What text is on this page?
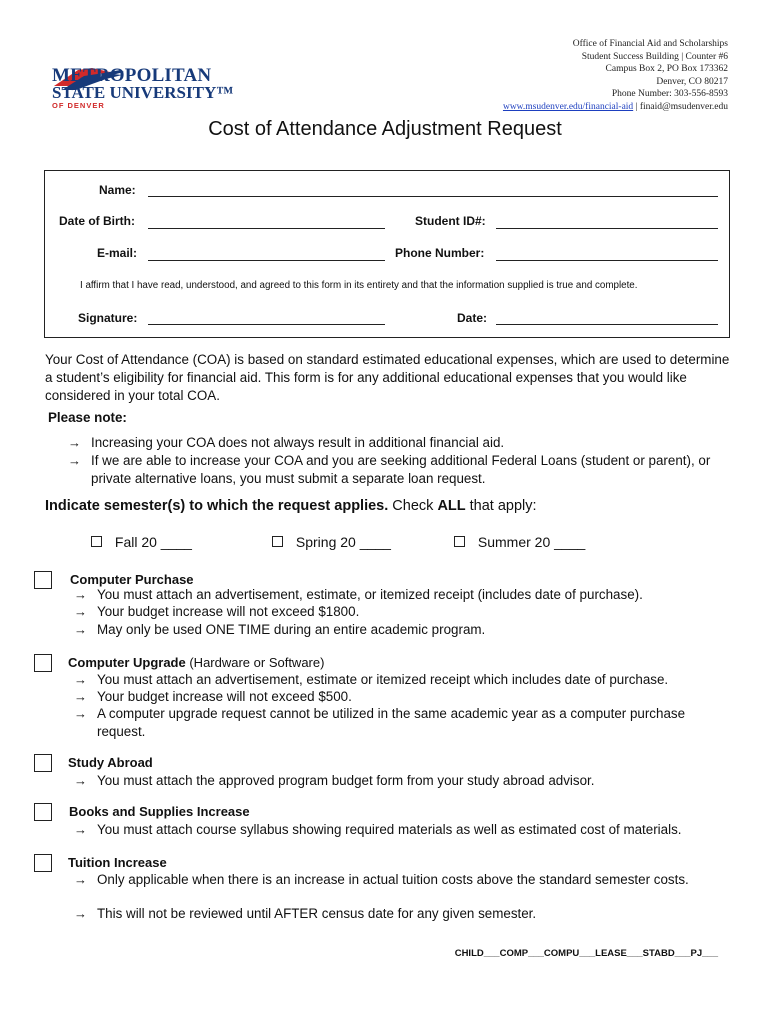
METROPOLITAN
STATE UNIVERSITY™
OF DENVER
Office of Financial Aid and Scholarships
Student Success Building | Counter #6
Campus Box 2, PO Box 173362
Denver, CO 80217
Phone Number: 303-556-8593
www.msudenver.edu/financial-aid | finaid@msudenver.edu
Cost of Attendance Adjustment Request
Name:
Date of Birth:	Student ID#:
E-mail:	Phone Number:
I affirm that I have read, understood, and agreed to this form in its entirety and that the information supplied is true and complete.
Signature:	Date:
Your Cost of Attendance (COA) is based on standard estimated educational expenses, which are used to determine a student’s eligibility for financial aid. This form is for any additional educational expenses that you would like considered in your total COA.
Please note:
→ Increasing your COA does not always result in additional financial aid.
→ If we are able to increase your COA and you are seeking additional Federal Loans (student or parent), or private alternative loans, you must submit a separate loan request.
Indicate semester(s) to which the request applies. Check ALL that apply:
Fall 20 ____	Spring 20 ____	Summer 20 ____
Computer Purchase
→ You must attach an advertisement, estimate, or itemized receipt (includes date of purchase).
→ Your budget increase will not exceed $1800.
→ May only be used ONE TIME during an entire academic program.
Computer Upgrade (Hardware or Software)
→ You must attach an advertisement, estimate or itemized receipt which includes date of purchase.
→ Your budget increase will not exceed $500.
→ A computer upgrade request cannot be utilized in the same academic year as a computer purchase request.
Study Abroad
→ You must attach the approved program budget form from your study abroad advisor.
Books and Supplies Increase
→ You must attach course syllabus showing required materials as well as estimated cost of materials.
Tuition Increase
→ Only applicable when there is an increase in actual tuition costs above the standard semester costs.
→ This will not be reviewed until AFTER census date for any given semester.
CHILD___COMP___COMPU___LEASE___STABD___PJ___
